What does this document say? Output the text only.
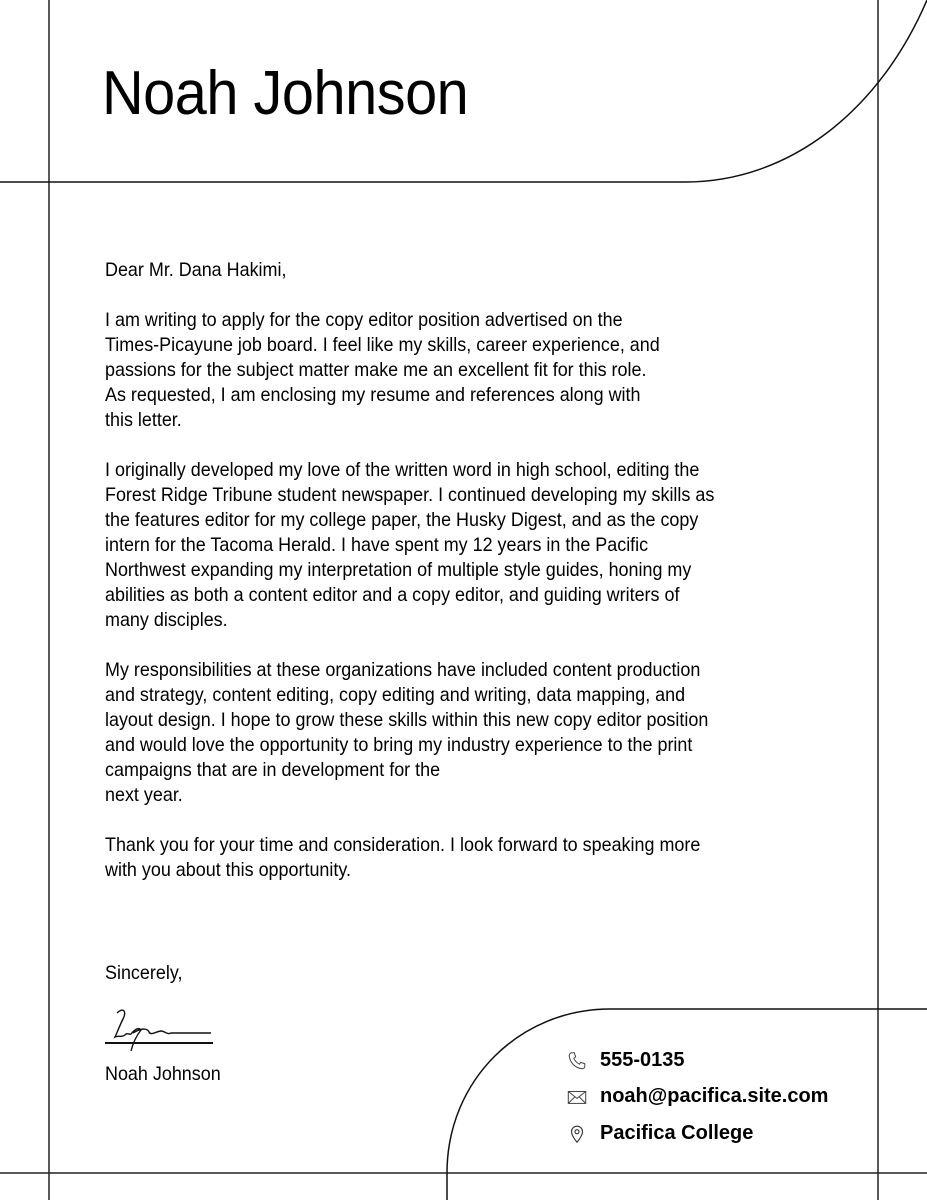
Noah Johnson

Dear Mr. Dana Hakimi,

I am writing to apply for the copy editor position advertised on the
Times-Picayune job board. I feel like my skills, career experience, and
passions for the subject matter make me an excellent fit for this role.
As requested, I am enclosing my resume and references along with
this letter.

I originally developed my love of the written word in high school, editing the
Forest Ridge Tribune student newspaper. I continued developing my skills as
the features editor for my college paper, the Husky Digest, and as the copy
intern for the Tacoma Herald. I have spent my 12 years in the Pacific
Northwest expanding my interpretation of multiple style guides, honing my
abilities as both a content editor and a copy editor, and guiding writers of
many disciples.

My responsibilities at these organizations have included content production
and strategy, content editing, copy editing and writing, data mapping, and
layout design. I hope to grow these skills within this new copy editor position
and would love the opportunity to bring my industry experience to the print
campaigns that are in development for the
next year.

Thank you for your time and consideration. I look forward to speaking more
with you about this opportunity.

Sincerely,
Noah Johnson
555-0135
noah@pacifica.site.com
Pacifica College
